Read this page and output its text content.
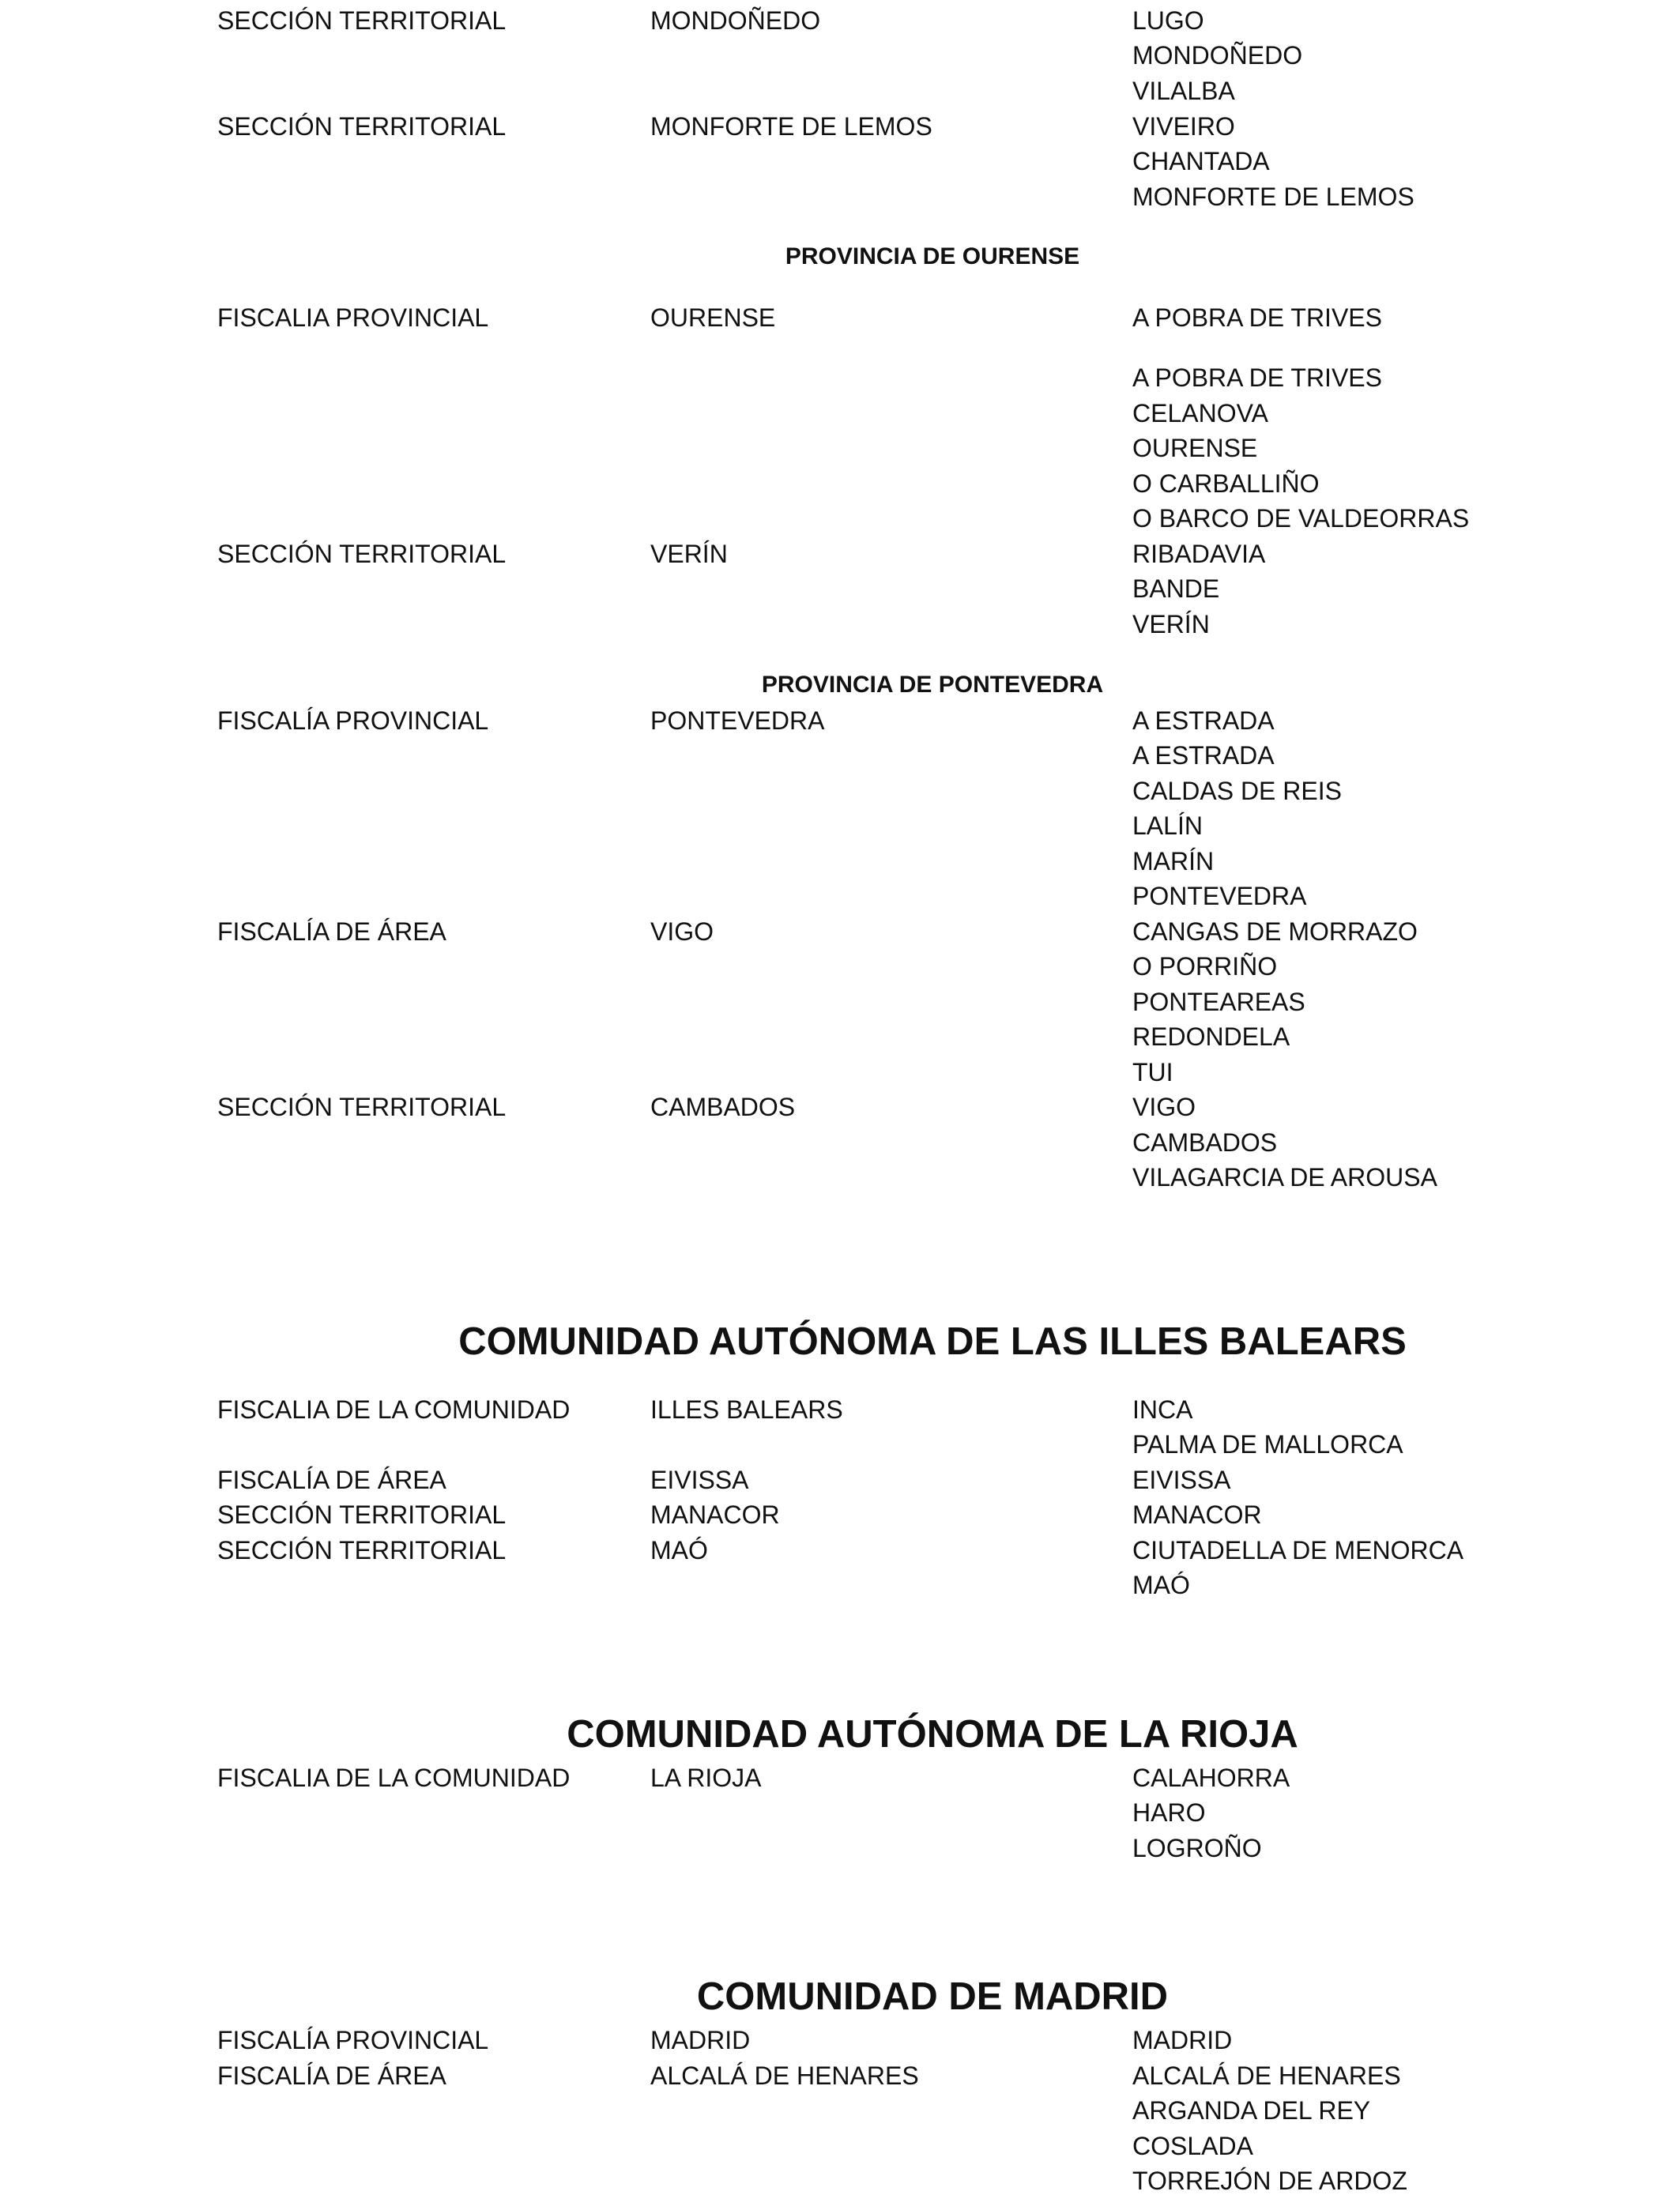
SECCIÓN TERRITORIAL	MONDOÑEDO	LUGO
MONDOÑEDO
VILALBA
SECCIÓN TERRITORIAL	MONFORTE DE LEMOS	VIVEIRO
CHANTADA
MONFORTE DE LEMOS
PROVINCIA DE OURENSE
FISCALIA PROVINCIAL	OURENSE	A POBRA DE TRIVES
A POBRA DE TRIVES
CELANOVA
OURENSE
O CARBALLIÑO
O BARCO DE VALDEORRAS
SECCIÓN TERRITORIAL	VERÍN	RIBADAVIA
BANDE
VERÍN
PROVINCIA DE PONTEVEDRA
FISCALÍA PROVINCIAL	PONTEVEDRA	A ESTRADA
A ESTRADA
CALDAS DE REIS
LALÍN
MARÍN
PONTEVEDRA
FISCALÍA DE ÁREA	VIGO	CANGAS DE MORRAZO
O PORRIÑO
PONTEAREAS
REDONDELA
TUI
SECCIÓN TERRITORIAL	CAMBADOS	VIGO
CAMBADOS
VILAGARCIA DE AROUSA
COMUNIDAD AUTÓNOMA DE LAS ILLES BALEARS
FISCALIA DE LA COMUNIDAD	ILLES BALEARS	INCA
PALMA DE MALLORCA
FISCALÍA DE ÁREA	EIVISSA	EIVISSA
SECCIÓN TERRITORIAL	MANACOR	MANACOR
SECCIÓN TERRITORIAL	MAÓ	CIUTADELLA DE MENORCA
MAÓ
COMUNIDAD AUTÓNOMA DE LA RIOJA
FISCALIA DE LA COMUNIDAD	LA RIOJA	CALAHORRA
HARO
LOGROÑO
COMUNIDAD DE MADRID
FISCALÍA PROVINCIAL	MADRID	MADRID
FISCALÍA DE ÁREA	ALCALÁ DE HENARES	ALCALÁ DE HENARES
ARGANDA DEL REY
COSLADA
TORREJÓN DE ARDOZ
